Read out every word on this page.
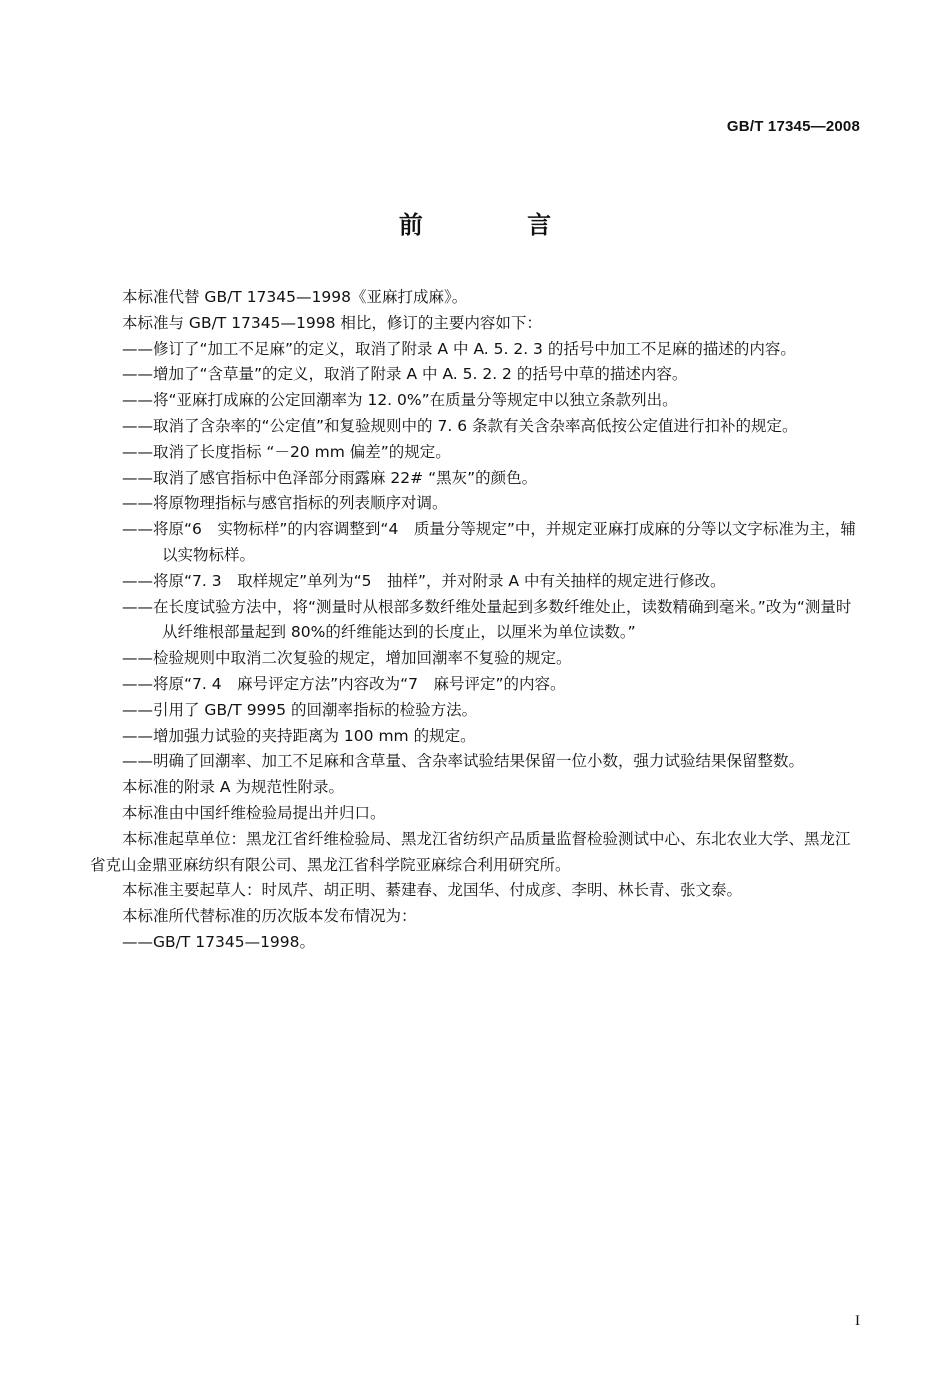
GB/T 17345—2008
前 言

本标准代替 GB/T 17345—1998《亚麻打成麻》。

本标准与 GB/T 17345—1998 相比，修订的主要内容如下：

——修订了“加工不足麻”的定义，取消了附录 A 中 A. 5. 2. 3 的括号中加工不足麻的描述的内容。

——增加了“含草量”的定义，取消了附录 A 中 A. 5. 2. 2 的括号中草的描述内容。

——将“亚麻打成麻的公定回潮率为 12. 0%”在质量分等规定中以独立条款列出。

——取消了含杂率的“公定值”和复验规则中的 7. 6 条款有关含杂率高低按公定值进行扣补的规定。

——取消了长度指标 “－20 mm 偏差”的规定。

——取消了感官指标中色泽部分雨露麻 22# “黑灰”的颜色。

——将原物理指标与感官指标的列表顺序对调。

——将原“6　实物标样”的内容调整到“4　质量分等规定”中，并规定亚麻打成麻的分等以文字标准为主，辅以实物标样。

——将原“7. 3　取样规定”单列为“5　抽样”，并对附录 A 中有关抽样的规定进行修改。

——在长度试验方法中，将“测量时从根部多数纤维处量起到多数纤维处止，读数精确到毫米。”改为“测量时从纤维根部量起到 80%的纤维能达到的长度止，以厘米为单位读数。”

——检验规则中取消二次复验的规定，增加回潮率不复验的规定。

——将原“7. 4　麻号评定方法”内容改为“7　麻号评定”的内容。

——引用了 GB/T 9995 的回潮率指标的检验方法。

——增加强力试验的夹持距离为 100 mm 的规定。

——明确了回潮率、加工不足麻和含草量、含杂率试验结果保留一位小数，强力试验结果保留整数。

本标准的附录 A 为规范性附录。

本标准由中国纤维检验局提出并归口。

本标准起草单位：黑龙江省纤维检验局、黑龙江省纺织产品质量监督检验测试中心、东北农业大学、黑龙江省克山金鼎亚麻纺织有限公司、黑龙江省科学院亚麻综合利用研究所。

本标准主要起草人：时凤芹、胡正明、綦建春、龙国华、付成彦、李明、林长青、张文泰。

本标准所代替标准的历次版本发布情况为：

——GB/T 17345—1998。

I
